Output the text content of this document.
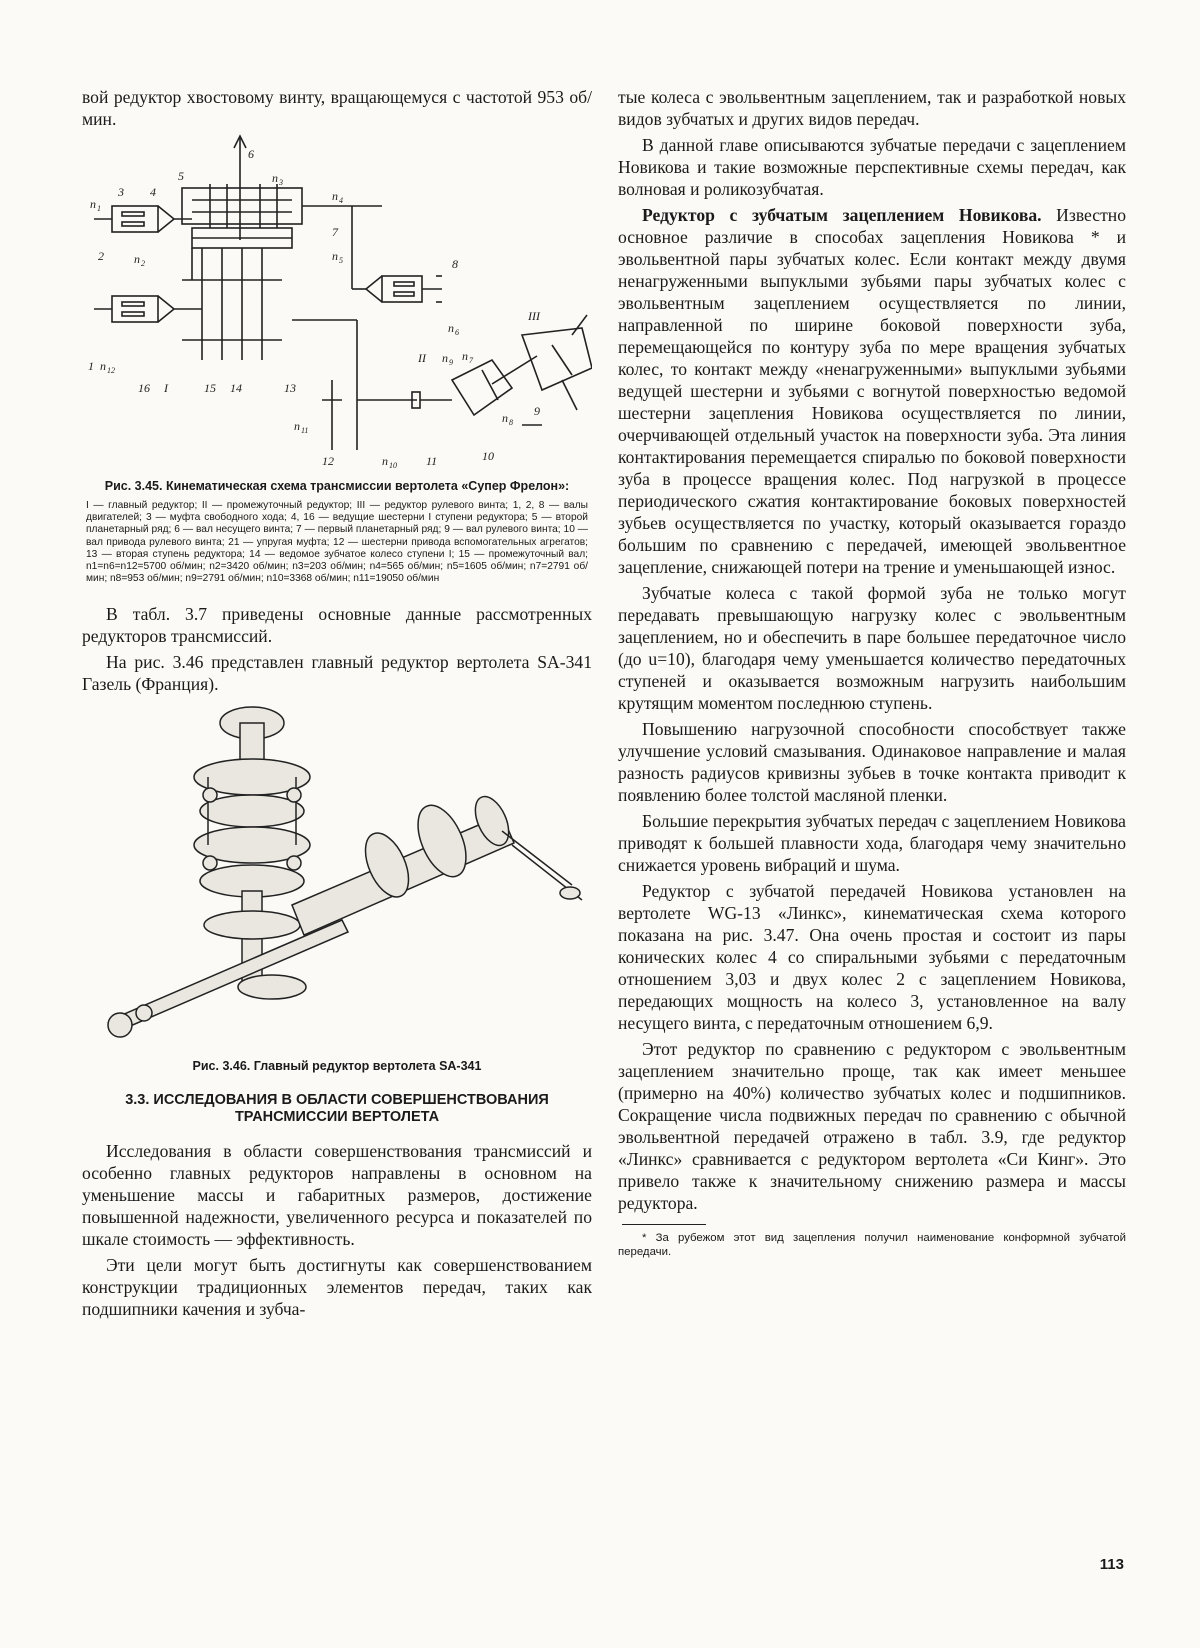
вой редуктор хвостовому винту, вращающемуся с частотой 953 об/мин.

6
5	n 3
n 4
n 1
3 4
7
n 5	8
2	n 2
n 6
III
1 n 12
16 I	15 14	13
II n 9 n 7
n 11
n 8
9
12	n 10 11	10
Рис. 3.45. Кинематическая схема трансмиссии вертолета «Супер Фрелон»:
I — главный редуктор; II — промежуточный редуктор; III — редуктор рулевого винта; 1, 2, 8 — валы двигателей; 3 — муфта свободного хода; 4, 16 — ведущие шестерни I ступени редуктора; 5 — второй планетарный ряд; 6 — вал несущего винта; 7 — первый планетарный ряд; 9 — вал рулевого винта; 10 — вал привода рулевого винта; 21 — упругая муфта; 12 — шестерни привода вспомогательных агрегатов; 13 — вторая ступень редуктора; 14 — ведомое зубчатое колесо ступени I; 15 — промежуточный вал; n1=n6=n12=5700 об/мин; n2=3420 об/мин; n3=203 об/мин; n4=565 об/мин; n5=1605 об/мин; n7=2791 об/мин; n8=953 об/мин; n9=2791 об/мин; n10=3368 об/мин; n11=19050 об/мин

В табл. 3.7 приведены основные данные рассмотренных редукторов трансмиссий.

На рис. 3.46 представлен главный редуктор вертолета SA-341 Газель (Франция).

Рис. 3.46. Главный редуктор вертолета SA-341
3.3. ИССЛЕДОВАНИЯ В ОБЛАСТИ СОВЕРШЕНСТВОВАНИЯ ТРАНСМИССИИ ВЕРТОЛЕТА

Исследования в области совершенствования трансмиссий и особенно главных редукторов направлены в основном на уменьшение массы и габаритных размеров, достижение повышенной надежности, увеличенного ресурса и показателей по шкале стоимость — эффективность.

Эти цели могут быть достигнуты как совершенствованием конструкции традиционных элементов передач, таких как подшипники качения и зубча-

тые колеса с эвольвентным зацеплением, так и разработкой новых видов зубчатых и других видов передач.

В данной главе описываются зубчатые передачи с зацеплением Новикова и такие возможные перспективные схемы передач, как волновая и роликозубчатая.

Редуктор с зубчатым зацеплением Новикова. Известно основное различие в способах зацепления Новикова * и эвольвентной пары зубчатых колес. Если контакт между двумя ненагруженными выпуклыми зубьями пары зубчатых колес с эвольвентным зацеплением осуществляется по линии, направленной по ширине боковой поверхности зуба, перемещающейся по контуру зуба по мере вращения зубчатых колес, то контакт между «ненагруженными» выпуклыми зубьями ведущей шестерни и зубьями с вогнутой поверхностью ведомой шестерни зацепления Новикова осуществляется по линии, очерчивающей отдельный участок на поверхности зуба. Эта линия контактирования перемещается спиралью по боковой поверхности зуба в процессе вращения колес. Под нагрузкой в процессе периодического сжатия контактирование боковых поверхностей зубьев осуществляется по участку, который оказывается гораздо большим по сравнению с передачей, имеющей эвольвентное зацепление, снижающей потери на трение и уменьшающей износ.

Зубчатые колеса с такой формой зуба не только могут передавать превышающую нагрузку колес с эвольвентным зацеплением, но и обеспечить в паре большее передаточное число (до u=10), благодаря чему уменьшается количество передаточных ступеней и оказывается возможным нагрузить наибольшим крутящим моментом последнюю ступень.

Повышению нагрузочной способности способствует также улучшение условий смазывания. Одинаковое направление и малая разность радиусов кривизны зубьев в точке контакта приводит к появлению более толстой масляной пленки.

Большие перекрытия зубчатых передач с зацеплением Новикова приводят к большей плавности хода, благодаря чему значительно снижается уровень вибраций и шума.

Редуктор с зубчатой передачей Новикова установлен на вертолете WG-13 «Линкс», кинематическая схема которого показана на рис. 3.47. Она очень простая и состоит из пары конических колес 4 со спиральными зубьями с передаточным отношением 3,03 и двух колес 2 с зацеплением Новикова, передающих мощность на колесо 3, установленное на валу несущего винта, с передаточным отношением 6,9.

Этот редуктор по сравнению с редуктором с эвольвентным зацеплением значительно проще, так как имеет меньшее (примерно на 40%) количество зубчатых колес и подшипников. Сокращение числа подвижных передач по сравнению с обычной эвольвентной передачей отражено в табл. 3.9, где редуктор «Линкс» сравнивается с редуктором вертолета «Си Кинг». Это привело также к значительному снижению размера и массы редуктора.

* За рубежом этот вид зацепления получил наименование конформной зубчатой передачи.

113
